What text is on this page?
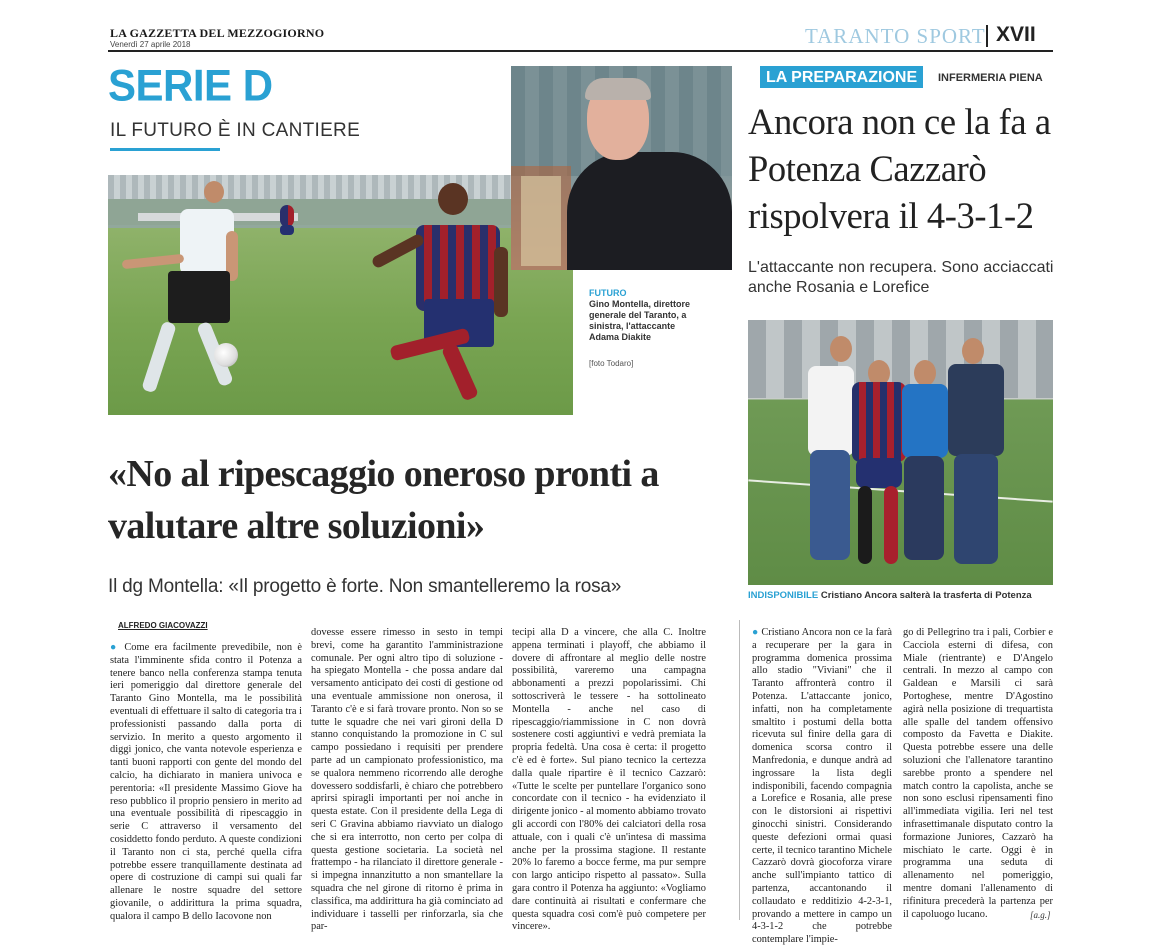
LA GAZZETTA DEL MEZZOGIORNO
Venerdì 27 aprile 2018	TARANTO SPORT XVII
SERIE D
IL FUTURO È IN CANTIERE
FUTURO
Gino Montella, direttore generale del Taranto, a sinistra, l'attaccante Adama Diakite
[foto Todaro]
INDISPONIBILE Cristiano Ancora salterà la trasferta di Potenza
LA PREPARAZIONE	INFERMERIA PIENA
Ancora non ce la fa a Potenza Cazzarò rispolvera il 4-3-1-2
L'attaccante non recupera. Sono acciaccati anche Rosania e Lorefice
«No al ripescaggio oneroso pronti a valutare altre soluzioni»
Il dg Montella: «Il progetto è forte. Non smantelleremo la rosa»
ALFREDO GIACOVAZZI
● Come era facilmente prevedibile, non è stata l'imminente sfida contro il Potenza a tenere banco nella conferenza stampa tenuta ieri pomeriggio dal direttore generale del Taranto Gino Montella, ma le possibilità eventuali di effettuare il salto di categoria tra i professionisti passando dalla porta di servizio. In merito a questo argomento il diggì jonico, che vanta notevole esperienza e tanti buoni rapporti con gente del mondo del calcio, ha dichiarato in maniera univoca e perentoria: «Il presidente Massimo Giove ha reso pubblico il proprio pensiero in merito ad una eventuale possibilità di ripescaggio in serie C attraverso il versamento del cosiddetto fondo perduto. A queste condizioni il Taranto non ci sta, perché quella cifra potrebbe essere tranquillamente destinata ad opere di costruzione di campi sui quali far allenare le nostre squadre del settore giovanile, o addirittura la prima squadra, qualora il campo B dello Iacovone non
dovesse essere rimesso in sesto in tempi brevi, come ha garantito l'amministrazione comunale. Per ogni altro tipo di soluzione - ha spiegato Montella - che possa andare dal versamento anticipato dei costi di gestione od una eventuale ammissione non onerosa, il Taranto c'è e si farà trovare pronto. Non so se tutte le squadre che nei vari gironi della D stanno conquistando la promozione in C sul campo possiedano i requisiti per prendere parte ad un campionato professionistico, ma se qualora nemmeno ricorrendo alle deroghe dovessero soddisfarli, è chiaro che potrebbero aprirsi spiragli importanti per noi anche in questa estate. Con il presidente della Lega di seri C Gravina abbiamo riavviato un dialogo che si era interrotto, non certo per colpa di questa gestione societaria. La società nel frattempo - ha rilanciato il direttore generale - si impegna innanzitutto a non smantellare la squadra che nel girone di ritorno è prima in classifica, ma addirittura ha già cominciato ad individuare i tasselli per rinforzarla, sia che par-
tecipi alla D a vincere, che alla C. Inoltre appena terminati i playoff, che abbiamo il dovere di affrontare al meglio delle nostre possibilità, vareremo una campagna abbonamenti a prezzi popolarissimi. Chi sottoscriverà le tessere - ha sottolineato Montella - anche nel caso di ripescaggio/riammissione in C non dovrà sostenere costi aggiuntivi e vedrà premiata la propria fedeltà. Una cosa è certa: il progetto c'è ed è forte». Sul piano tecnico la certezza dalla quale ripartire è il tecnico Cazzarò: «Tutte le scelte per puntellare l'organico sono concordate con il tecnico - ha evidenziato il dirigente jonico - al momento abbiamo trovato gli accordi con l'80% dei calciatori della rosa attuale, con i quali c'è un'intesa di massima anche per la prossima stagione. Il restante 20% lo faremo a bocce ferme, ma pur sempre con largo anticipo rispetto al passato». Sulla gara contro il Potenza ha aggiunto: «Vogliamo dare continuità ai risultati e confermare che questa squadra così com'è può competere per vincere».
● Cristiano Ancora non ce la farà a recuperare per la gara in programma domenica prossima allo stadio "Viviani" che il Taranto affronterà contro il Potenza. L'attaccante jonico, infatti, non ha completamente smaltito i postumi della botta ricevuta sul finire della gara di domenica scorsa contro il Manfredonia, e dunque andrà ad ingrossare la lista degli indisponibili, facendo compagnia a Lorefice e Rosania, alle prese con le distorsioni ai rispettivi ginocchi sinistri. Considerando queste defezioni ormai quasi certe, il tecnico tarantino Michele Cazzarò dovrà giocoforza virare anche sull'impianto tattico di partenza, accantonando il collaudato e redditizio 4-2-3-1, provando a mettere in campo un 4-3-1-2 che potrebbe contemplare l'impie-
go di Pellegrino tra i pali, Corbier e Cacciola esterni di difesa, con Miale (rientrante) e D'Angelo centrali. In mezzo al campo con Galdean e Marsili ci sarà Portoghese, mentre D'Agostino agirà nella posizione di trequartista alle spalle del tandem offensivo composto da Favetta e Diakite. Questa potrebbe essere una delle soluzioni che l'allenatore tarantino sarebbe pronto a spendere nel match contro la capolista, anche se non sono esclusi ripensamenti fino all'immediata vigilia. Ieri nel test infrasettimanale disputato contro la formazione Juniores, Cazzarò ha mischiato le carte. Oggi è in programma una seduta di allenamento nel pomeriggio, mentre domani l'allenamento di rifinitura precederà la partenza per il capoluogo lucano.	[a.g.]
